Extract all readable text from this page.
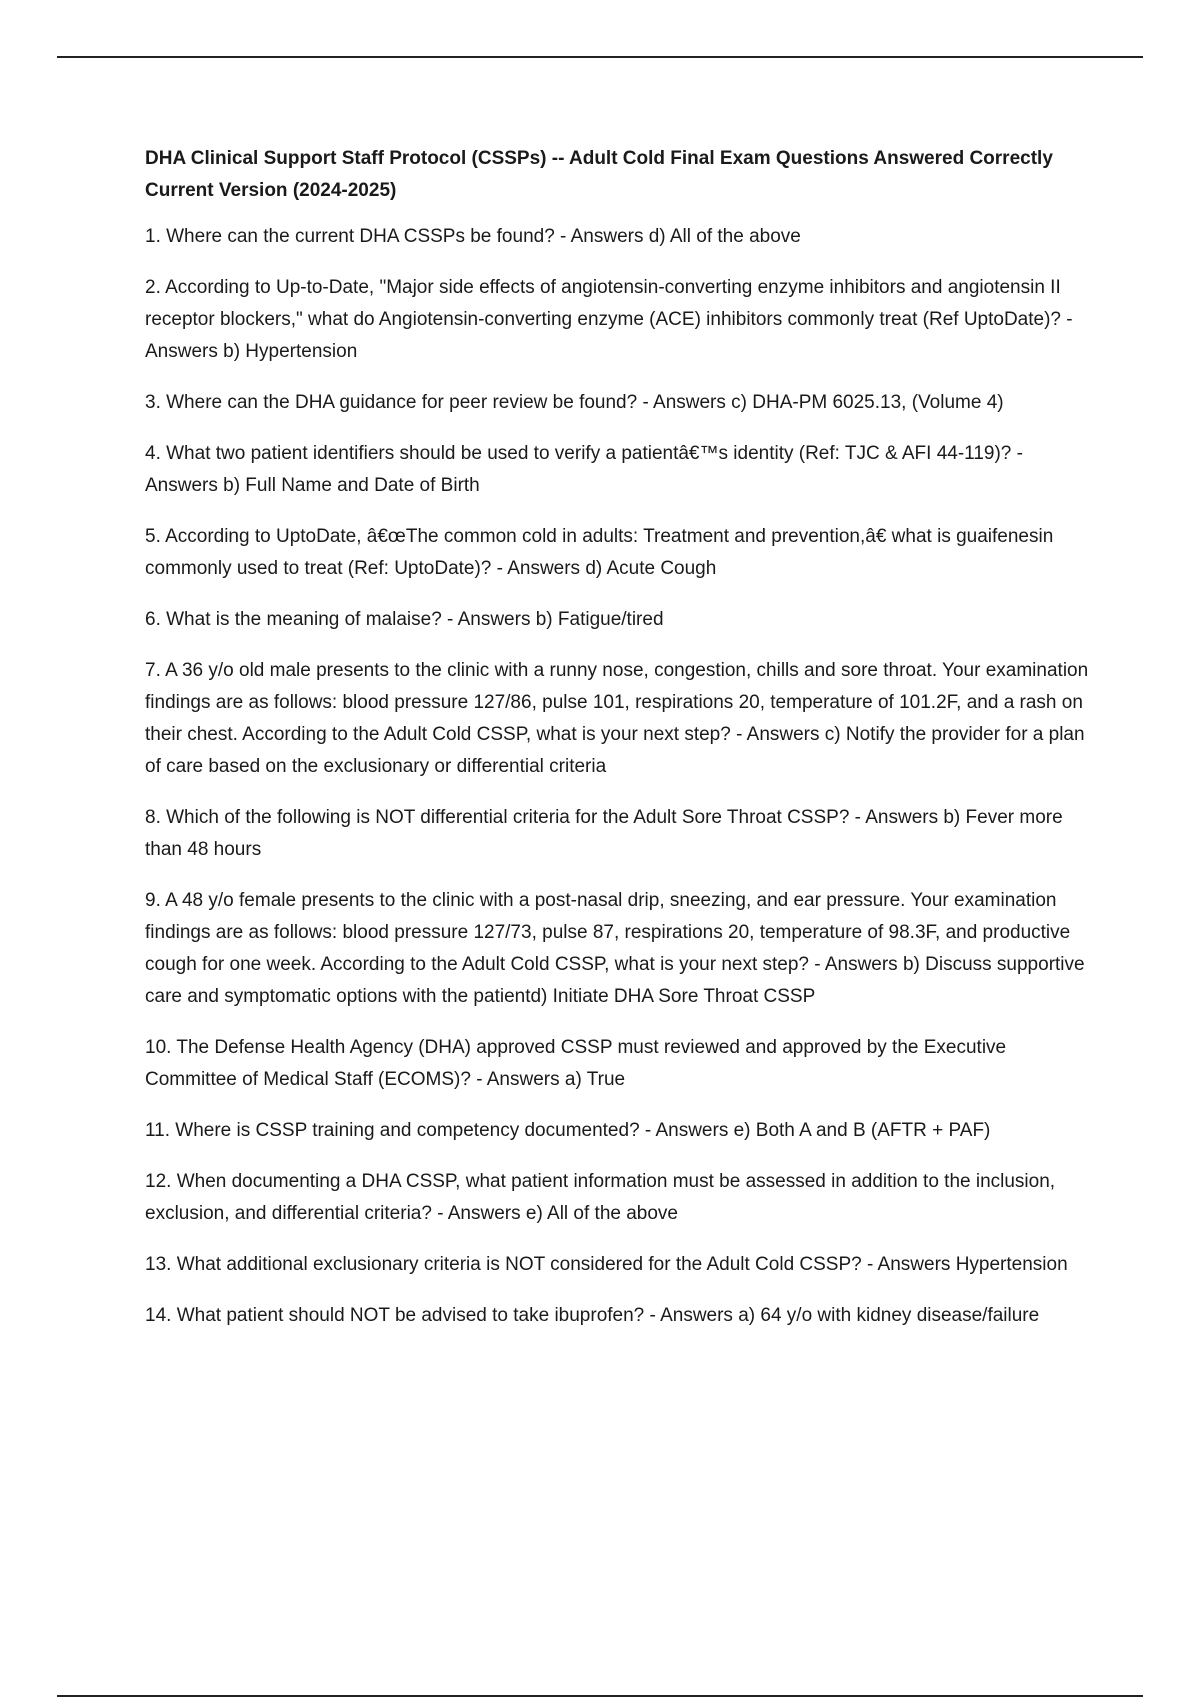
DHA Clinical Support Staff Protocol (CSSPs) -- Adult Cold Final Exam Questions Answered Correctly
Current Version (2024-2025)
1. Where can the current DHA CSSPs be found? - Answers d) All of the above
2. According to Up-to-Date, "Major side effects of angiotensin-converting enzyme inhibitors and angiotensin II receptor blockers," what do Angiotensin-converting enzyme (ACE) inhibitors commonly treat (Ref UptoDate)? - Answers b) Hypertension
3. Where can the DHA guidance for peer review be found? - Answers c) DHA-PM 6025.13, (Volume 4)
4. What two patient identifiers should be used to verify a patientâ€™s identity (Ref: TJC & AFI 44-119)? - Answers b) Full Name and Date of Birth
5. According to UptoDate, â€œThe common cold in adults: Treatment and prevention,â€ what is guaifenesin commonly used to treat (Ref: UptoDate)? - Answers d) Acute Cough
6. What is the meaning of malaise? - Answers b) Fatigue/tired
7. A 36 y/o old male presents to the clinic with a runny nose, congestion, chills and sore throat. Your examination findings are as follows: blood pressure 127/86, pulse 101, respirations 20, temperature of 101.2F, and a rash on their chest. According to the Adult Cold CSSP, what is your next step? - Answers c) Notify the provider for a plan of care based on the exclusionary or differential criteria
8. Which of the following is NOT differential criteria for the Adult Sore Throat CSSP? - Answers b) Fever more than 48 hours
9. A 48 y/o female presents to the clinic with a post-nasal drip, sneezing, and ear pressure. Your examination findings are as follows: blood pressure 127/73, pulse 87, respirations 20, temperature of 98.3F, and productive cough for one week. According to the Adult Cold CSSP, what is your next step? - Answers b) Discuss supportive care and symptomatic options with the patientd) Initiate DHA Sore Throat CSSP
10. The Defense Health Agency (DHA) approved CSSP must reviewed and approved by the Executive Committee of Medical Staff (ECOMS)? - Answers a) True
11. Where is CSSP training and competency documented? - Answers e) Both A and B (AFTR + PAF)
12. When documenting a DHA CSSP, what patient information must be assessed in addition to the inclusion, exclusion, and differential criteria? - Answers e) All of the above
13. What additional exclusionary criteria is NOT considered for the Adult Cold CSSP? - Answers Hypertension
14. What patient should NOT be advised to take ibuprofen? - Answers a) 64 y/o with kidney disease/failure
